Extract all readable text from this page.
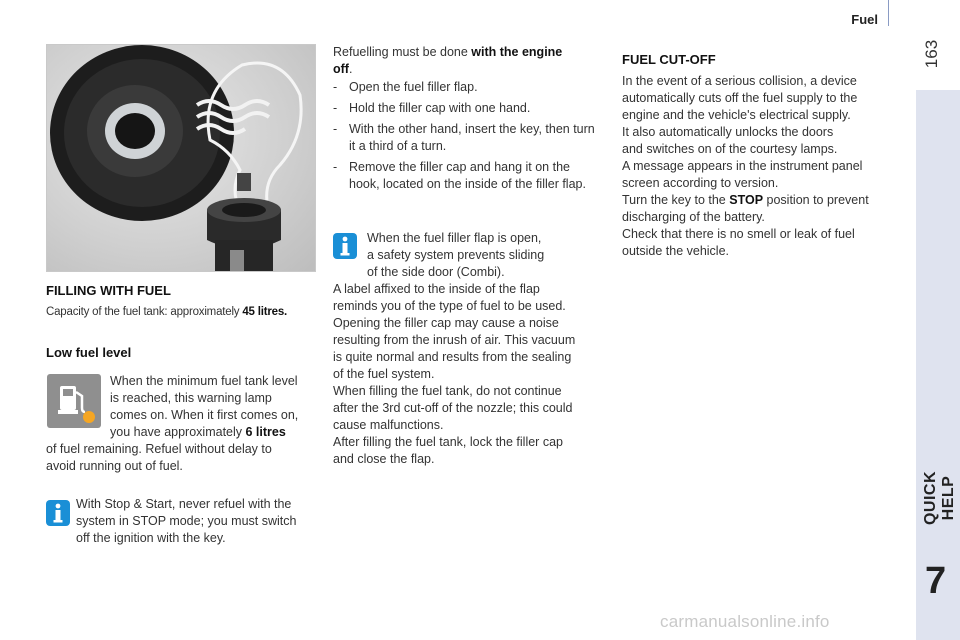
Fuel
163
QUICK HELP
7
FILLING WITH FUEL
Capacity of the fuel tank: approximately 45 litres.
Low fuel level
When the minimum fuel tank level
is reached, this warning lamp
comes on. When it first comes on,
you have approximately 6 litres
of fuel remaining. Refuel without delay to
avoid running out of fuel.
With Stop & Start, never refuel with the
system in STOP mode; you must switch
off the ignition with the key.
Refuelling must be done with the engine
off.
- Open the fuel filler flap.
- Hold the filler cap with one hand.
- With the other hand, insert the key, then turn it a third of a turn.
- Remove the filler cap and hang it on the hook, located on the inside of the filler flap.
When the fuel filler flap is open,
a safety system prevents sliding
of the side door (Combi).
A label affixed to the inside of the flap
reminds you of the type of fuel to be used.
Opening the filler cap may cause a noise
resulting from the inrush of air. This vacuum
is quite normal and results from the sealing
of the fuel system.
When filling the fuel tank, do not continue
after the 3rd cut-off of the nozzle; this could
cause malfunctions.
After filling the fuel tank, lock the filler cap
and close the flap.
FUEL CUT-OFF
In the event of a serious collision, a device
automatically cuts off the fuel supply to the
engine and the vehicle's electrical supply.
It also automatically unlocks the doors
and switches on of the courtesy lamps.
A message appears in the instrument panel
screen according to version.
Turn the key to the STOP position to prevent
discharging of the battery.
Check that there is no smell or leak of fuel
outside the vehicle.
carmanualsonline.info
